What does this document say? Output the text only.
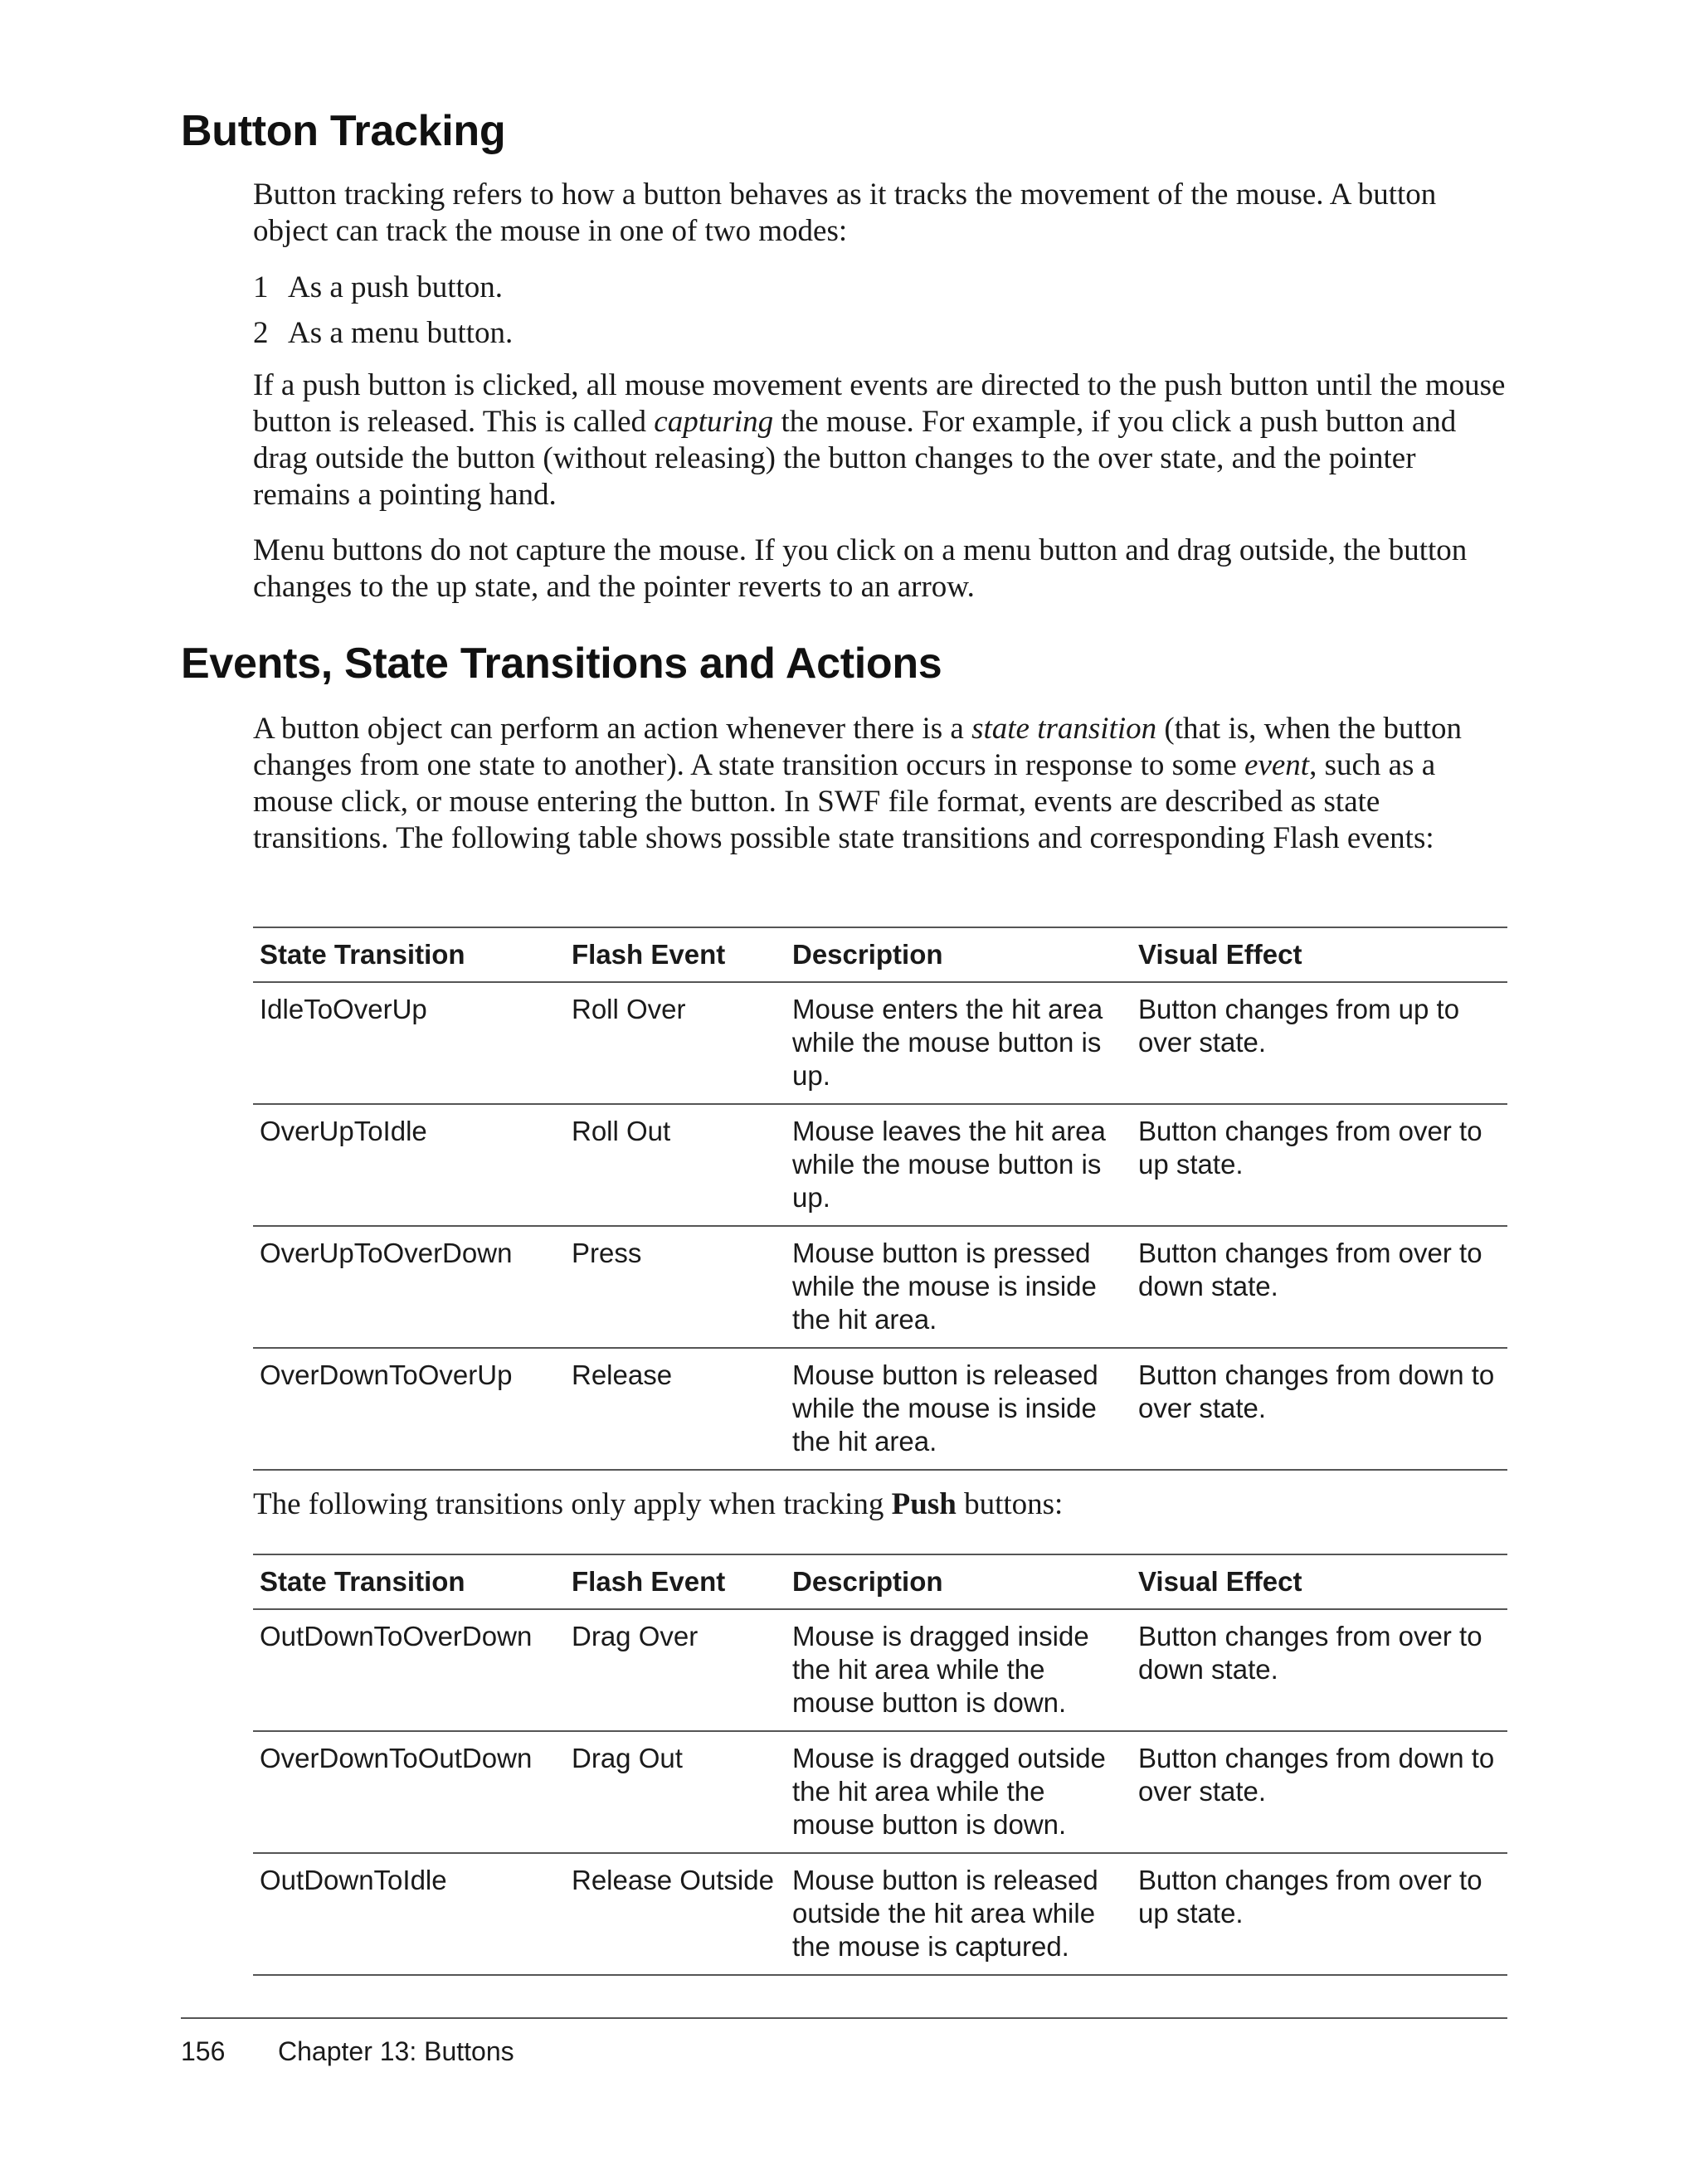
Button Tracking

Button tracking refers to how a button behaves as it tracks the movement of the mouse. A button object can track the mouse in one of two modes:

1 As a push button.

2 As a menu button.

If a push button is clicked, all mouse movement events are directed to the push button until the mouse button is released. This is called capturing the mouse. For example, if you click a push button and drag outside the button (without releasing) the button changes to the over state, and the pointer remains a pointing hand.

Menu buttons do not capture the mouse. If you click on a menu button and drag outside, the button changes to the up state, and the pointer reverts to an arrow.

Events, State Transitions and Actions

A button object can perform an action whenever there is a state transition (that is, when the button changes from one state to another). A state transition occurs in response to some event, such as a mouse click, or mouse entering the button. In SWF file format, events are described as state transitions. The following table shows possible state transitions and corresponding Flash events:

State Transition	Flash Event	Description	Visual Effect
IdleToOverUp	Roll Over	Mouse enters the hit area while the mouse button is up.	Button changes from up to over state.
OverUpToIdle	Roll Out	Mouse leaves the hit area while the mouse button is up.	Button changes from over to up state.
OverUpToOverDown	Press	Mouse button is pressed while the mouse is inside the hit area.	Button changes from over to down state.
OverDownToOverUp	Release	Mouse button is released while the mouse is inside the hit area.	Button changes from down to over state.

The following transitions only apply when tracking Push buttons:

State Transition	Flash Event	Description	Visual Effect
OutDownToOverDown	Drag Over	Mouse is dragged inside the hit area while the mouse button is down.	Button changes from over to down state.
OverDownToOutDown	Drag Out	Mouse is dragged outside the hit area while the mouse button is down.	Button changes from down to over state.
OutDownToIdle	Release Outside	Mouse button is released outside the hit area while the mouse is captured.	Button changes from over to up state.

156 Chapter 13: Buttons
